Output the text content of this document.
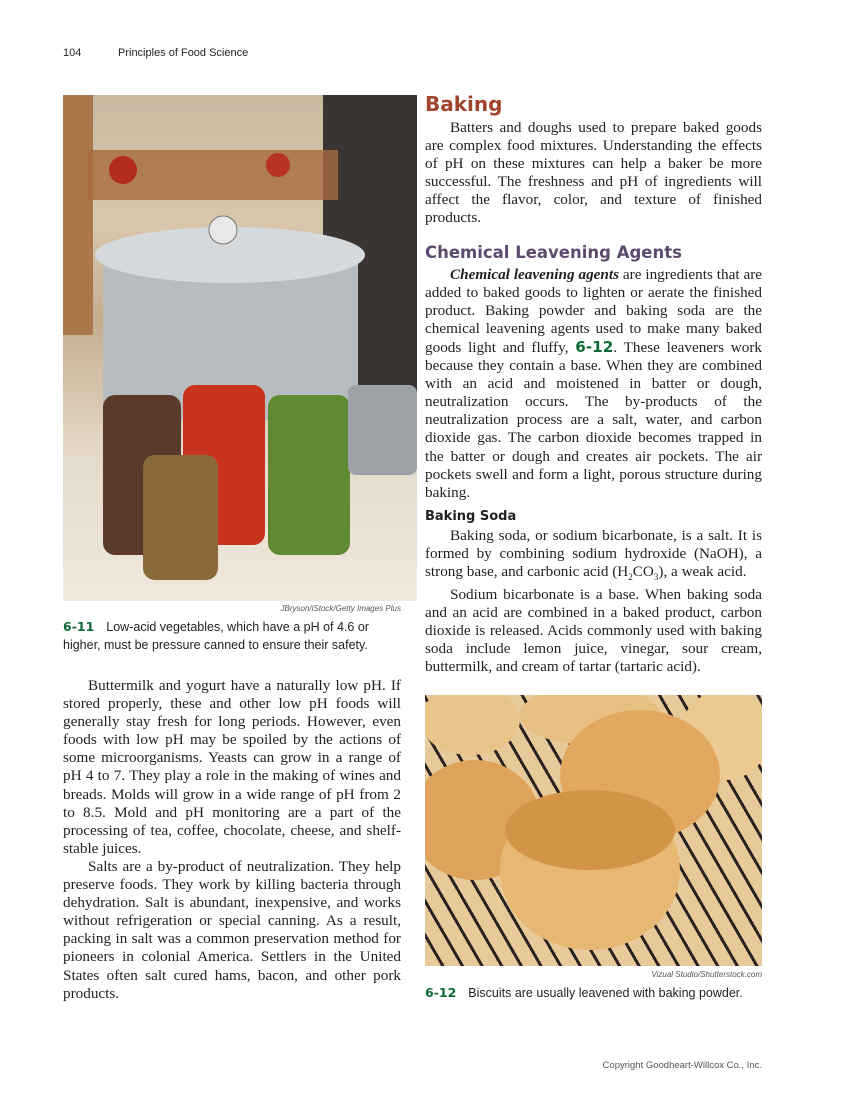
104	Principles of Food Science
JBryson/iStock/Getty Images Plus
6-11 Low-acid vegetables, which have a pH of 4.6 or higher, must be pressure canned to ensure their safety.

Buttermilk and yogurt have a naturally low pH. If stored properly, these and other low pH foods will generally stay fresh for long periods. However, even foods with low pH may be spoiled by the actions of some microorganisms. Yeasts can grow in a range of pH 4 to 7. They play a role in the making of wines and breads. Molds will grow in a wide range of pH from 2 to 8.5. Mold and pH monitoring are a part of the processing of tea, coffee, chocolate, cheese, and shelf-stable juices.

Salts are a by-product of neutralization. They help preserve foods. They work by killing bacteria through dehydration. Salt is abundant, inexpensive, and works without refrigeration or special canning. As a result, packing in salt was a common preservation method for pioneers in colonial America. Settlers in the United States often salt cured hams, bacon, and other pork products.

Baking

Batters and doughs used to prepare baked goods are complex food mixtures. Understanding the effects of pH on these mixtures can help a baker be more successful. The freshness and pH of ingredients will affect the flavor, color, and texture of finished products.

Chemical Leavening Agents

Chemical leavening agents are ingredients that are added to baked goods to lighten or aerate the finished product. Baking powder and baking soda are the chemical leavening agents used to make many baked goods light and fluffy, 6-12. These leaveners work because they contain a base. When they are combined with an acid and moistened in batter or dough, neutralization occurs. The by-products of the neutralization process are a salt, water, and carbon dioxide gas. The carbon dioxide becomes trapped in the batter or dough and creates air pockets. The air pockets swell and form a light, porous structure during baking.

Baking Soda

Baking soda, or sodium bicarbonate, is a salt. It is formed by combining sodium hydroxide (NaOH), a strong base, and carbonic acid $(H_2CO_3)$, a weak acid.

Sodium bicarbonate is a base. When baking soda and an acid are combined in a baked product, carbon dioxide is released. Acids commonly used with baking soda include lemon juice, vinegar, sour cream, buttermilk, and cream of tartar (tartaric acid).

Vizual Studio/Shutterstock.com
6-12 Biscuits are usually leavened with baking powder.
Copyright Goodheart-Willcox Co., Inc.
